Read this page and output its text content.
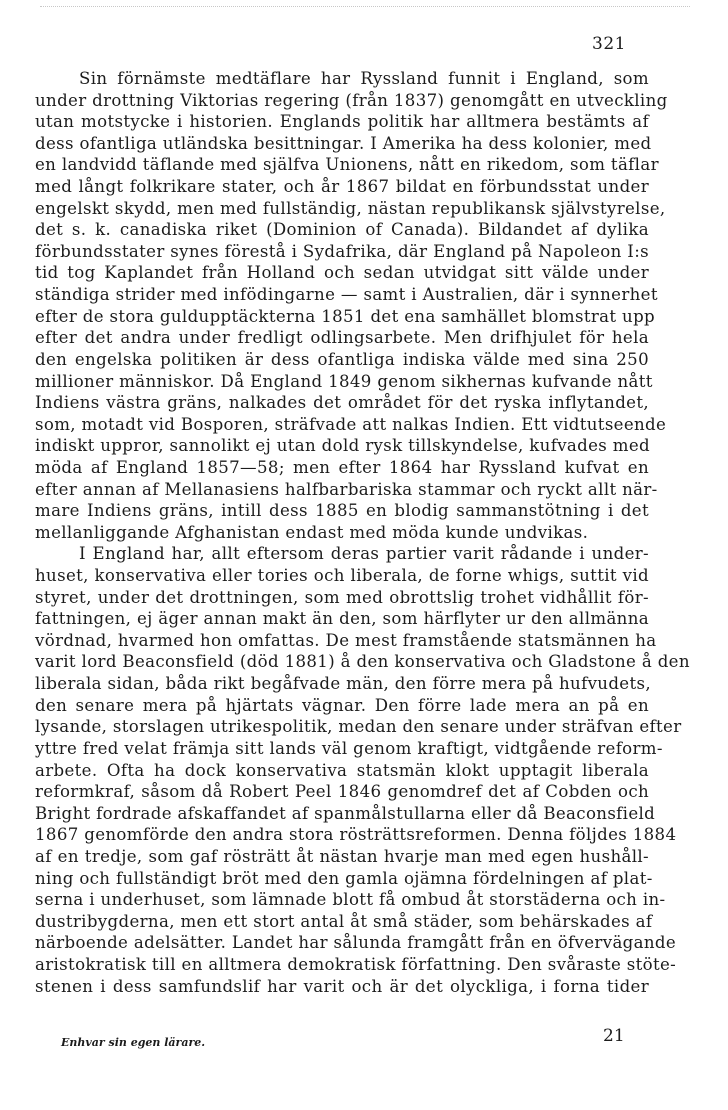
321
Sin förnämste medtäflare har Ryssland funnit i England, som
under drottning Viktorias regering (från 1837) genomgått en utveckling
utan motstycke i historien. Englands politik har alltmera bestämts af
dess ofantliga utländska besittningar. I Amerika ha dess kolonier, med
en landvidd täflande med själfva Unionens, nått en rikedom, som täflar
med långt folkrikare stater, och år 1867 bildat en förbundsstat under
engelskt skydd, men med fullständig, nästan republikansk självstyrelse,
det s. k. canadiska riket (Dominion of Canada). Bildandet af dylika
förbundsstater synes förestå i Sydafrika, där England på Napoleon I:s
tid tog Kaplandet från Holland och sedan utvidgat sitt välde under
ständiga strider med infödingarne — samt i Australien, där i synnerhet
efter de stora guldupptäckterna 1851 det ena samhället blomstrat upp
efter det andra under fredligt odlingsarbete. Men drifhjulet för hela
den engelska politiken är dess ofantliga indiska välde med sina 250
millioner människor. Då England 1849 genom sikhernas kufvande nått
Indiens västra gräns, nalkades det området för det ryska inflytandet,
som, motadt vid Bosporen, sträfvade att nalkas Indien. Ett vidtutseende
indiskt uppror, sannolikt ej utan dold rysk tillskyndelse, kufvades med
möda af England 1857—58; men efter 1864 har Ryssland kufvat en
efter annan af Mellanasiens halfbarbariska stammar och ryckt allt när-
mare Indiens gräns, intill dess 1885 en blodig sammanstötning i det
mellanliggande Afghanistan endast med möda kunde undvikas.
I England har, allt eftersom deras partier varit rådande i under-
huset, konservativa eller tories och liberala, de forne whigs, suttit vid
styret, under det drottningen, som med obrottslig trohet vidhållit för-
fattningen, ej äger annan makt än den, som härflyter ur den allmänna
vördnad, hvarmed hon omfattas. De mest framstående statsmännen ha
varit lord Beaconsfield (död 1881) å den konservativa och Gladstone å den
liberala sidan, båda rikt begåfvade män, den förre mera på hufvudets,
den senare mera på hjärtats vägnar. Den förre lade mera an på en
lysande, storslagen utrikespolitik, medan den senare under sträfvan efter
yttre fred velat främja sitt lands väl genom kraftigt, vidtgående reform-
arbete. Ofta ha dock konservativa statsmän klokt upptagit liberala
reformkraf, såsom då Robert Peel 1846 genomdref det af Cobden och
Bright fordrade afskaffandet af spanmålstullarna eller då Beaconsfield
1867 genomförde den andra stora rösträttsreformen. Denna följdes 1884
af en tredje, som gaf rösträtt åt nästan hvarje man med egen hushåll-
ning och fullständigt bröt med den gamla ojämna fördelningen af plat-
serna i underhuset, som lämnade blott få ombud åt storstäderna och in-
dustribygderna, men ett stort antal åt små städer, som behärskades af
närboende adelsätter. Landet har sålunda framgått från en öfvervägande
aristokratisk till en alltmera demokratisk författning. Den svåraste stöte-
stenen i dess samfundslif har varit och är det olyckliga, i forna tider
Enhvar sin egen lärare.	21
